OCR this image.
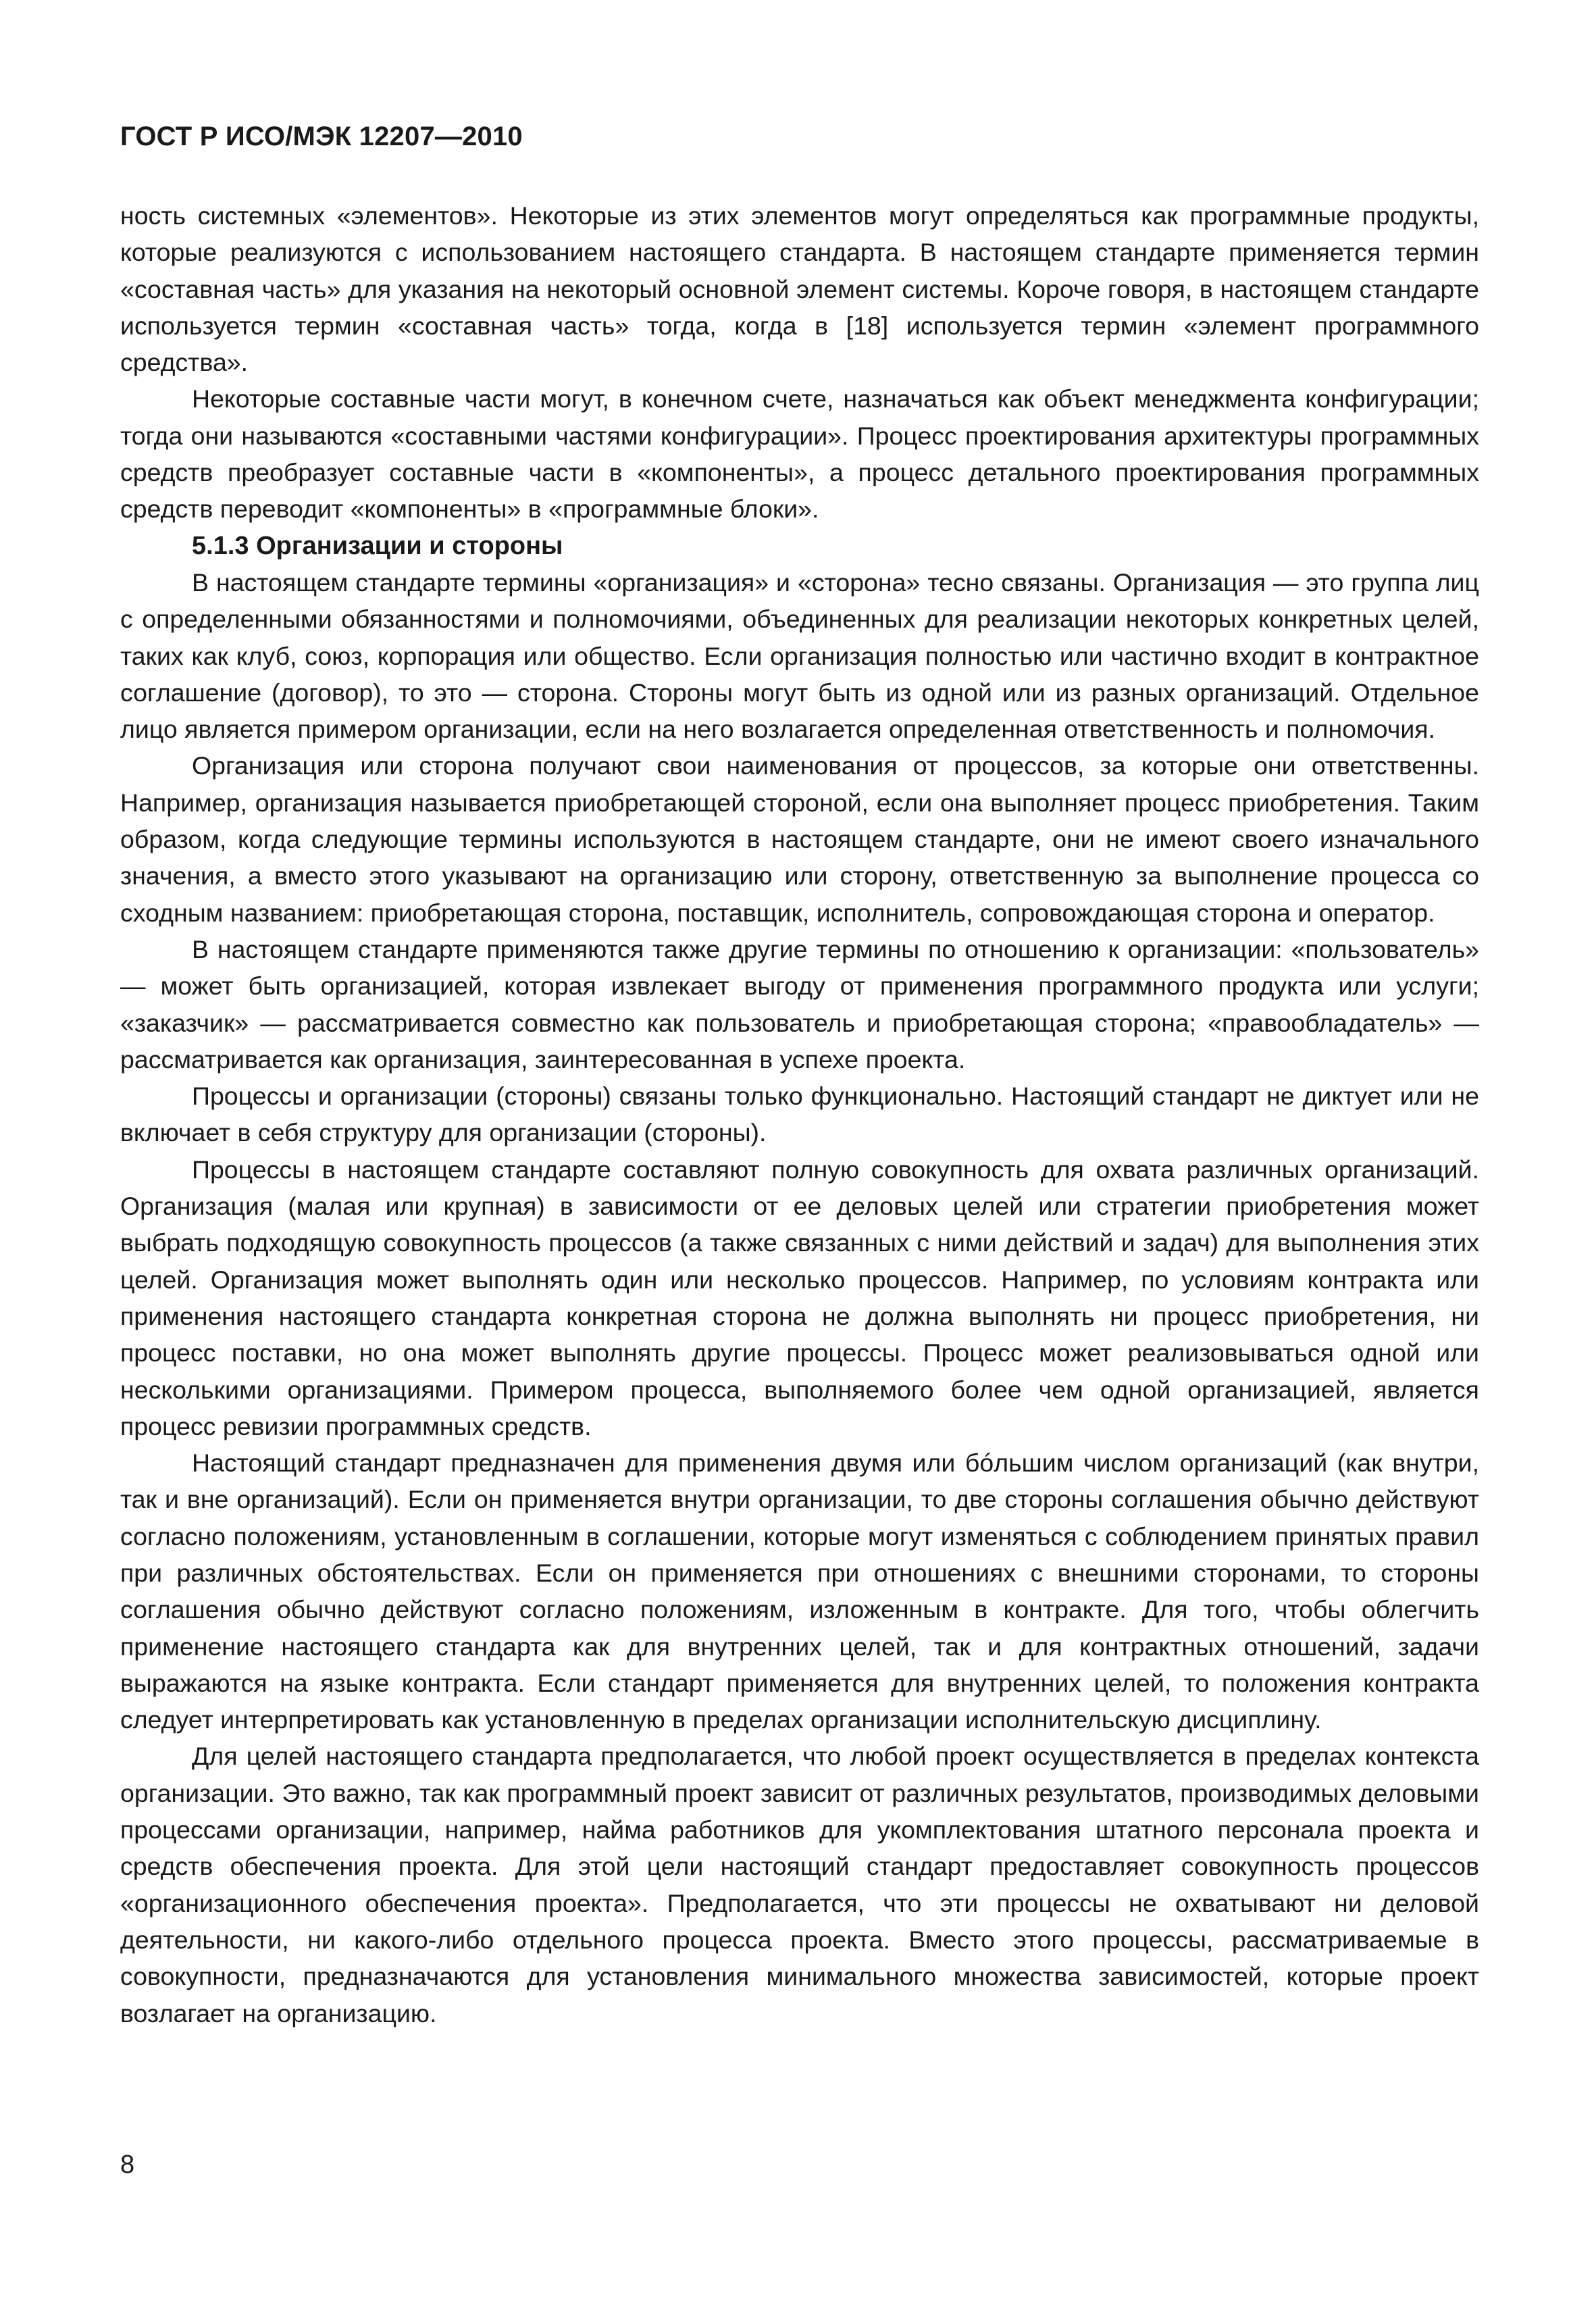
ГОСТ Р ИСО/МЭК 12207—2010

ность системных «элементов». Некоторые из этих элементов могут определяться как программные продукты, которые реализуются с использованием настоящего стандарта. В настоящем стандарте применяется термин «составная часть» для указания на некоторый основной элемент системы. Короче говоря, в настоящем стандарте используется термин «составная часть» тогда, когда в [18] используется термин «элемент программного средства».

Некоторые составные части могут, в конечном счете, назначаться как объект менеджмента конфигурации; тогда они называются «составными частями конфигурации». Процесс проектирования архитектуры программных средств преобразует составные части в «компоненты», а процесс детального проектирования программных средств переводит «компоненты» в «программные блоки».

5.1.3 Организации и стороны

В настоящем стандарте термины «организация» и «сторона» тесно связаны. Организация — это группа лиц с определенными обязанностями и полномочиями, объединенных для реализации некоторых конкретных целей, таких как клуб, союз, корпорация или общество. Если организация полностью или частично входит в контрактное соглашение (договор), то это — сторона. Стороны могут быть из одной или из разных организаций. Отдельное лицо является примером организации, если на него возлагается определенная ответственность и полномочия.

Организация или сторона получают свои наименования от процессов, за которые они ответственны. Например, организация называется приобретающей стороной, если она выполняет процесс приобретения. Таким образом, когда следующие термины используются в настоящем стандарте, они не имеют своего изначального значения, а вместо этого указывают на организацию или сторону, ответственную за выполнение процесса со сходным названием: приобретающая сторона, поставщик, исполнитель, сопровождающая сторона и оператор.

В настоящем стандарте применяются также другие термины по отношению к организации: «пользователь» — может быть организацией, которая извлекает выгоду от применения программного продукта или услуги; «заказчик» — рассматривается совместно как пользователь и приобретающая сторона; «правообладатель» — рассматривается как организация, заинтересованная в успехе проекта.

Процессы и организации (стороны) связаны только функционально. Настоящий стандарт не диктует или не включает в себя структуру для организации (стороны).

Процессы в настоящем стандарте составляют полную совокупность для охвата различных организаций. Организация (малая или крупная) в зависимости от ее деловых целей или стратегии приобретения может выбрать подходящую совокупность процессов (а также связанных с ними действий и задач) для выполнения этих целей. Организация может выполнять один или несколько процессов. Например, по условиям контракта или применения настоящего стандарта конкретная сторона не должна выполнять ни процесс приобретения, ни процесс поставки, но она может выполнять другие процессы. Процесс может реализовываться одной или несколькими организациями. Примером процесса, выполняемого более чем одной организацией, является процесс ревизии программных средств.

Настоящий стандарт предназначен для применения двумя или бóльшим числом организаций (как внутри, так и вне организаций). Если он применяется внутри организации, то две стороны соглашения обычно действуют согласно положениям, установленным в соглашении, которые могут изменяться с соблюдением принятых правил при различных обстоятельствах. Если он применяется при отношениях с внешними сторонами, то стороны соглашения обычно действуют согласно положениям, изложенным в контракте. Для того, чтобы облегчить применение настоящего стандарта как для внутренних целей, так и для контрактных отношений, задачи выражаются на языке контракта. Если стандарт применяется для внутренних целей, то положения контракта следует интерпретировать как установленную в пределах организации исполнительскую дисциплину.

Для целей настоящего стандарта предполагается, что любой проект осуществляется в пределах контекста организации. Это важно, так как программный проект зависит от различных результатов, производимых деловыми процессами организации, например, найма работников для укомплектования штатного персонала проекта и средств обеспечения проекта. Для этой цели настоящий стандарт предоставляет совокупность процессов «организационного обеспечения проекта». Предполагается, что эти процессы не охватывают ни деловой деятельности, ни какого-либо отдельного процесса проекта. Вместо этого процессы, рассматриваемые в совокупности, предназначаются для установления минимального множества зависимостей, которые проект возлагает на организацию.

8
